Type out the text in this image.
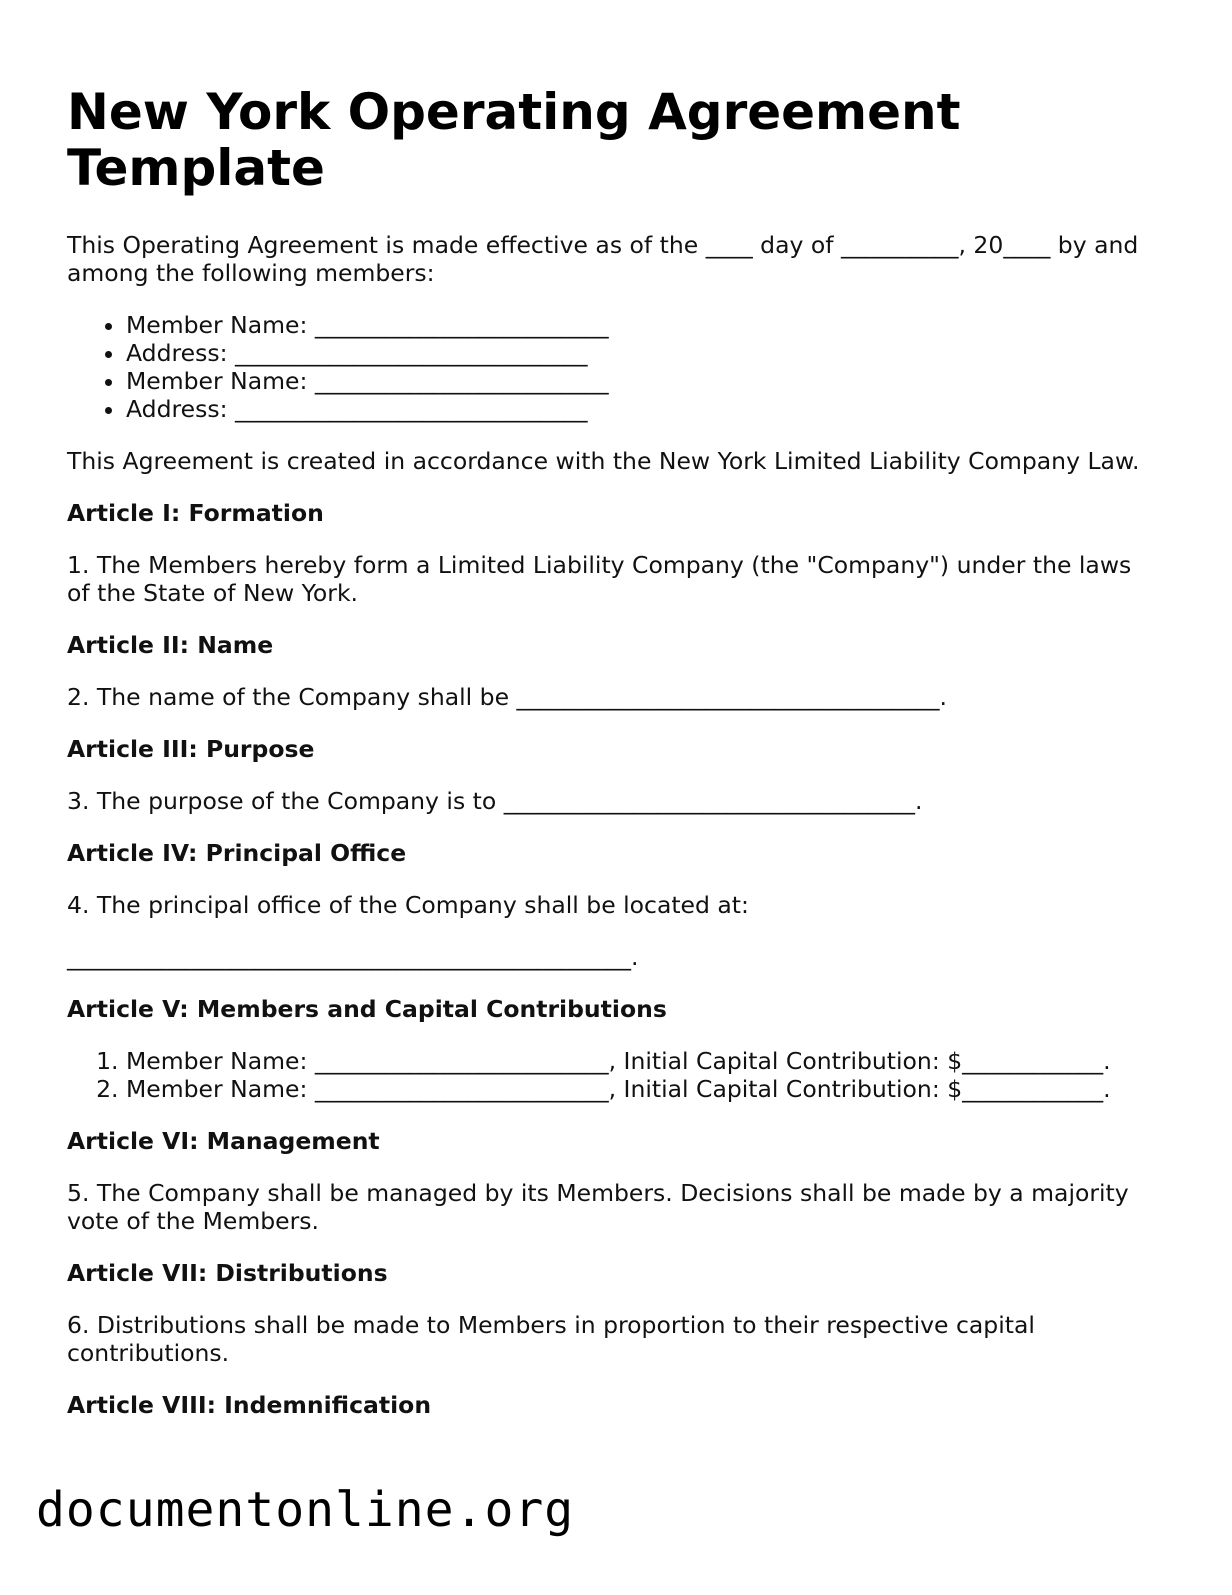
New York Operating Agreement Template

This Operating Agreement is made effective as of the ____ day of __________, 20____ by and among the following members:

• Member Name: _________________________
• Address: ______________________________
• Member Name: _________________________
• Address: ______________________________

This Agreement is created in accordance with the New York Limited Liability Company Law.

Article I: Formation

1. The Members hereby form a Limited Liability Company (the "Company") under the laws of the State of New York.

Article II: Name

2. The name of the Company shall be ____________________________________.

Article III: Purpose

3. The purpose of the Company is to ___________________________________.

Article IV: Principal Office

4. The principal office of the Company shall be located at:

________________________________________________.

Article V: Members and Capital Contributions
1. Member Name: _________________________, Initial Capital Contribution: $____________.
2. Member Name: _________________________, Initial Capital Contribution: $____________.
Article VI: Management

5. The Company shall be managed by its Members. Decisions shall be made by a majority vote of the Members.

Article VII: Distributions

6. Distributions shall be made to Members in proportion to their respective capital contributions.

Article VIII: Indemnification
documentonline.org
